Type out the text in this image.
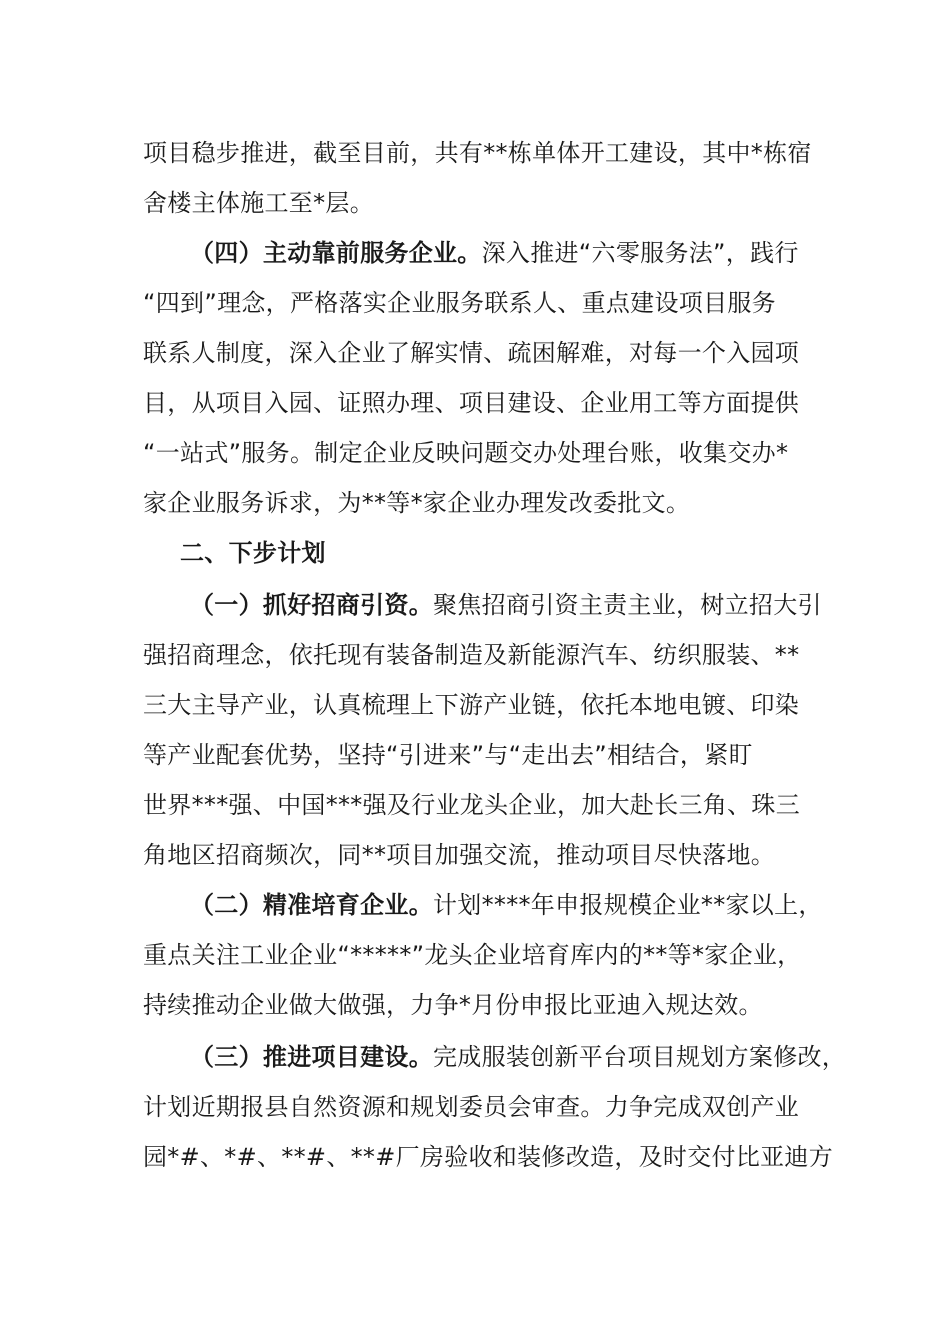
项目稳步推进，截至目前，共有**栋单体开工建设，其中*栋宿
舍楼主体施工至*层。
（四）主动靠前服务企业。深入推进“六零服务法”，践行
“四到”理念，严格落实企业服务联系人、重点建设项目服务
联系人制度，深入企业了解实情、疏困解难，对每一个入园项
目，从项目入园、证照办理、项目建设、企业用工等方面提供
“一站式”服务。制定企业反映问题交办处理台账，收集交办*
家企业服务诉求，为**等*家企业办理发改委批文。
二、下步计划
（一）抓好招商引资。聚焦招商引资主责主业，树立招大引
强招商理念，依托现有装备制造及新能源汽车、纺织服装、**
三大主导产业，认真梳理上下游产业链，依托本地电镀、印染
等产业配套优势，坚持“引进来”与“走出去”相结合，紧盯
世界***强、中国***强及行业龙头企业，加大赴长三角、珠三
角地区招商频次，同**项目加强交流，推动项目尽快落地。
（二）精准培育企业。计划****年申报规模企业**家以上，
重点关注工业企业“*****”龙头企业培育库内的**等*家企业，
持续推动企业做大做强，力争*月份申报比亚迪入规达效。
（三）推进项目建设。完成服装创新平台项目规划方案修改，
计划近期报县自然资源和规划委员会审查。力争完成双创产业
园*#、*#、**#、**#厂房验收和装修改造，及时交付比亚迪方
